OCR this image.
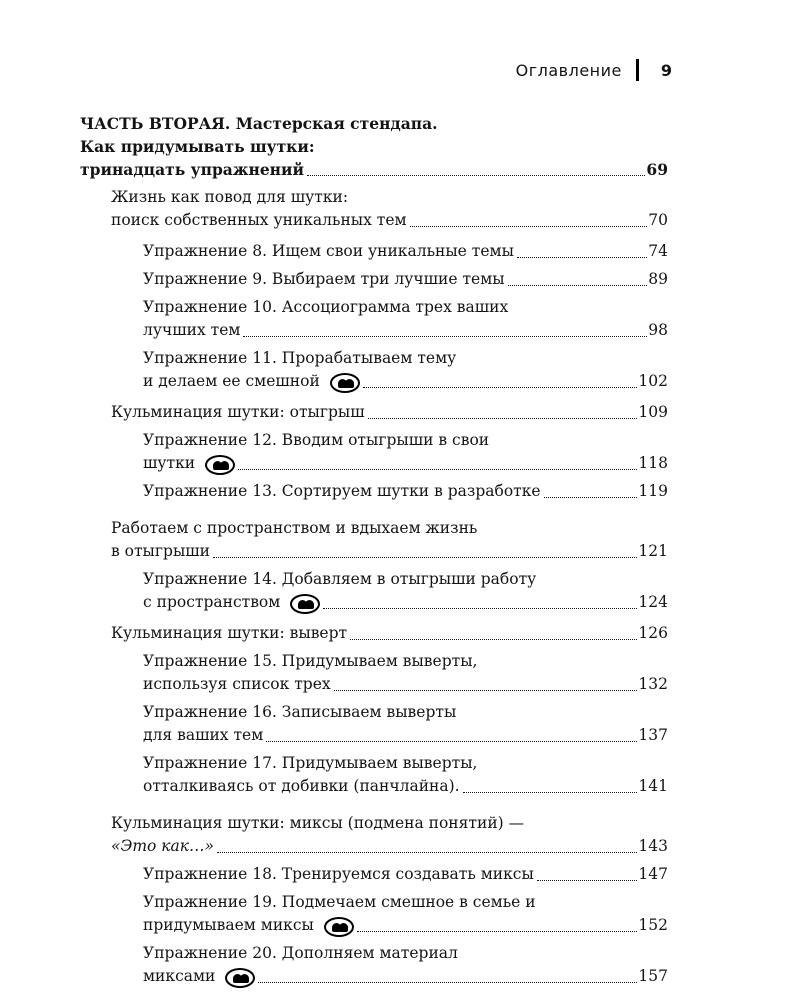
Оглавление 9
ЧАСТЬ ВТОРАЯ. Мастерская стендапа.
Как придумывать шутки:
тринадцать упражнений	69
Жизнь как повод для шутки:
поиск собственных уникальных тем	70
Упражнение 8. Ищем свои уникальные темы	74
Упражнение 9. Выбираем три лучшие темы	89
Упражнение 10. Ассоциограмма трех ваших
лучших тем	98
Упражнение 11. Прорабатываем тему
и делаем ее смешной	102
Кульминация шутки: отыгрыш	109
Упражнение 12. Вводим отыгрыши в свои
шутки	118
Упражнение 13. Сортируем шутки в разработке	119
Работаем с пространством и вдыхаем жизнь
в отыгрыши	121
Упражнение 14. Добавляем в отыгрыши работу
с пространством	124
Кульминация шутки: выверт	126
Упражнение 15. Придумываем выверты,
используя список трех	132
Упражнение 16. Записываем выверты
для ваших тем	137
Упражнение 17. Придумываем выверты,
отталкиваясь от добивки (панчлайна).	141
Кульминация шутки: миксы (подмена понятий) —
«Это как…»	143
Упражнение 18. Тренируемся создавать миксы	147
Упражнение 19. Подмечаем смешное в семье и
придумываем миксы	152
Упражнение 20. Дополняем материал
миксами	157
